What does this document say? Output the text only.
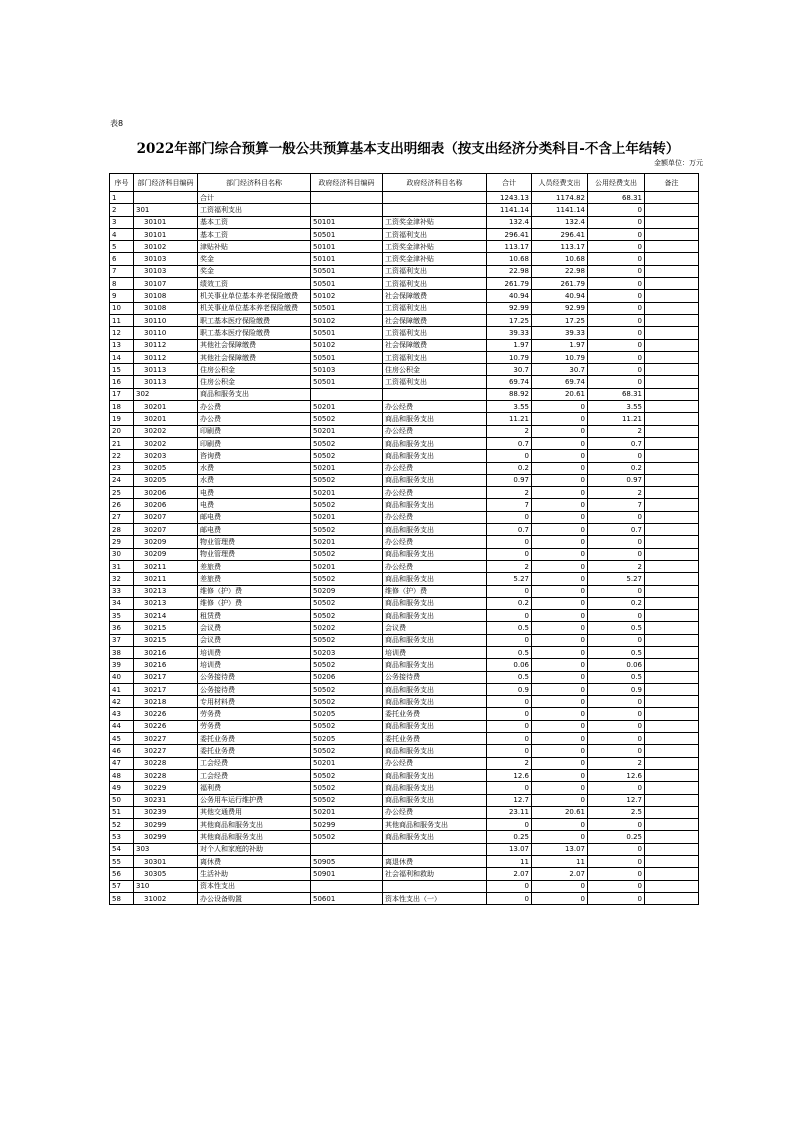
表8
2022年部门综合预算一般公共预算基本支出明细表（按支出经济分类科目-不含上年结转）
金额单位：万元
序号	部门经济科目编码	部门经济科目名称	政府经济科目编码	政府经济科目名称	合计	人员经费支出	公用经费支出	备注
1		合计			1243.13	1174.82	68.31	
2	301	工资福利支出			1141.14	1141.14	0	
3	30101	基本工资	50101	工资奖金津补贴	132.4	132.4	0	
4	30101	基本工资	50501	工资福利支出	296.41	296.41	0	
5	30102	津贴补贴	50101	工资奖金津补贴	113.17	113.17	0	
6	30103	奖金	50101	工资奖金津补贴	10.68	10.68	0	
7	30103	奖金	50501	工资福利支出	22.98	22.98	0	
8	30107	绩效工资	50501	工资福利支出	261.79	261.79	0	
9	30108	机关事业单位基本养老保险缴费	50102	社会保障缴费	40.94	40.94	0	
10	30108	机关事业单位基本养老保险缴费	50501	工资福利支出	92.99	92.99	0	
11	30110	职工基本医疗保险缴费	50102	社会保障缴费	17.25	17.25	0	
12	30110	职工基本医疗保险缴费	50501	工资福利支出	39.33	39.33	0	
13	30112	其他社会保障缴费	50102	社会保障缴费	1.97	1.97	0	
14	30112	其他社会保障缴费	50501	工资福利支出	10.79	10.79	0	
15	30113	住房公积金	50103	住房公积金	30.7	30.7	0	
16	30113	住房公积金	50501	工资福利支出	69.74	69.74	0	
17	302	商品和服务支出			88.92	20.61	68.31	
18	30201	办公费	50201	办公经费	3.55	0	3.55	
19	30201	办公费	50502	商品和服务支出	11.21	0	11.21	
20	30202	印刷费	50201	办公经费	2	0	2	
21	30202	印刷费	50502	商品和服务支出	0.7	0	0.7	
22	30203	咨询费	50502	商品和服务支出	0	0	0	
23	30205	水费	50201	办公经费	0.2	0	0.2	
24	30205	水费	50502	商品和服务支出	0.97	0	0.97	
25	30206	电费	50201	办公经费	2	0	2	
26	30206	电费	50502	商品和服务支出	7	0	7	
27	30207	邮电费	50201	办公经费	0	0	0	
28	30207	邮电费	50502	商品和服务支出	0.7	0	0.7	
29	30209	物业管理费	50201	办公经费	0	0	0	
30	30209	物业管理费	50502	商品和服务支出	0	0	0	
31	30211	差旅费	50201	办公经费	2	0	2	
32	30211	差旅费	50502	商品和服务支出	5.27	0	5.27	
33	30213	维修（护）费	50209	维修（护）费	0	0	0	
34	30213	维修（护）费	50502	商品和服务支出	0.2	0	0.2	
35	30214	租赁费	50502	商品和服务支出	0	0	0	
36	30215	会议费	50202	会议费	0.5	0	0.5	
37	30215	会议费	50502	商品和服务支出	0	0	0	
38	30216	培训费	50203	培训费	0.5	0	0.5	
39	30216	培训费	50502	商品和服务支出	0.06	0	0.06	
40	30217	公务接待费	50206	公务接待费	0.5	0	0.5	
41	30217	公务接待费	50502	商品和服务支出	0.9	0	0.9	
42	30218	专用材料费	50502	商品和服务支出	0	0	0	
43	30226	劳务费	50205	委托业务费	0	0	0	
44	30226	劳务费	50502	商品和服务支出	0	0	0	
45	30227	委托业务费	50205	委托业务费	0	0	0	
46	30227	委托业务费	50502	商品和服务支出	0	0	0	
47	30228	工会经费	50201	办公经费	2	0	2	
48	30228	工会经费	50502	商品和服务支出	12.6	0	12.6	
49	30229	福利费	50502	商品和服务支出	0	0	0	
50	30231	公务用车运行维护费	50502	商品和服务支出	12.7	0	12.7	
51	30239	其他交通费用	50201	办公经费	23.11	20.61	2.5	
52	30299	其他商品和服务支出	50299	其他商品和服务支出	0	0	0	
53	30299	其他商品和服务支出	50502	商品和服务支出	0.25	0	0.25	
54	303	对个人和家庭的补助			13.07	13.07	0	
55	30301	离休费	50905	离退休费	11	11	0	
56	30305	生活补助	50901	社会福利和救助	2.07	2.07	0	
57	310	资本性支出			0	0	0	
58	31002	办公设备购置	50601	资本性支出（一）	0	0	0	
